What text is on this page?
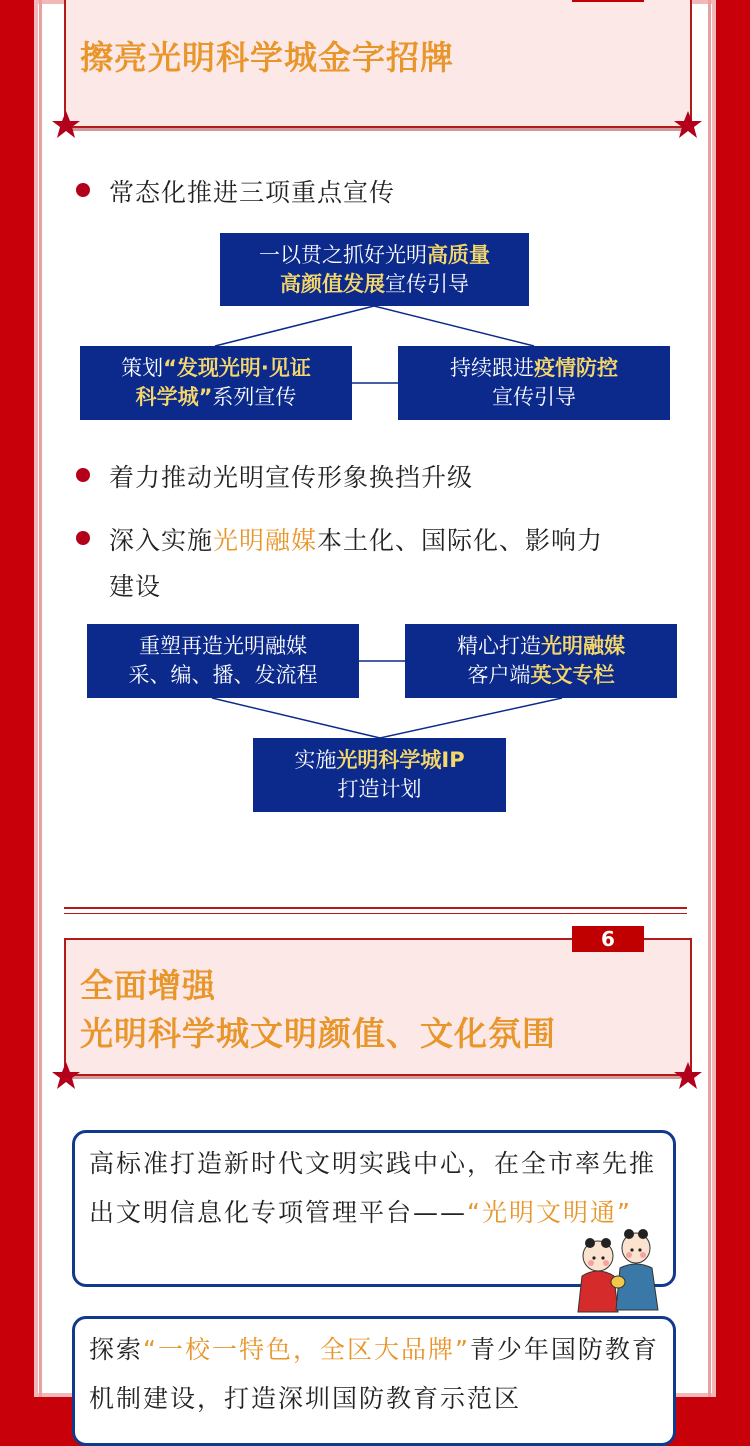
擦亮光明科学城金字招牌
常态化推进三项重点宣传
一以贯之抓好光明高质量
高颜值发展宣传引导
策划“发现光明·见证
科学城”系列宣传
持续跟进疫情防控
宣传引导
着力推动光明宣传形象换挡升级
深入实施光明融媒本土化、国际化、影响力
建设
重塑再造光明融媒
采、编、播、发流程
精心打造光明融媒
客户端英文专栏
实施光明科学城IP
打造计划
6
全面增强
光明科学城文明颜值、文化氛围
高标准打造新时代文明实践中心，在全市率先推出文明信息化专项管理平台——“光明文明通”
探索“一校一特色，全区大品牌”青少年国防教育机制建设，打造深圳国防教育示范区
